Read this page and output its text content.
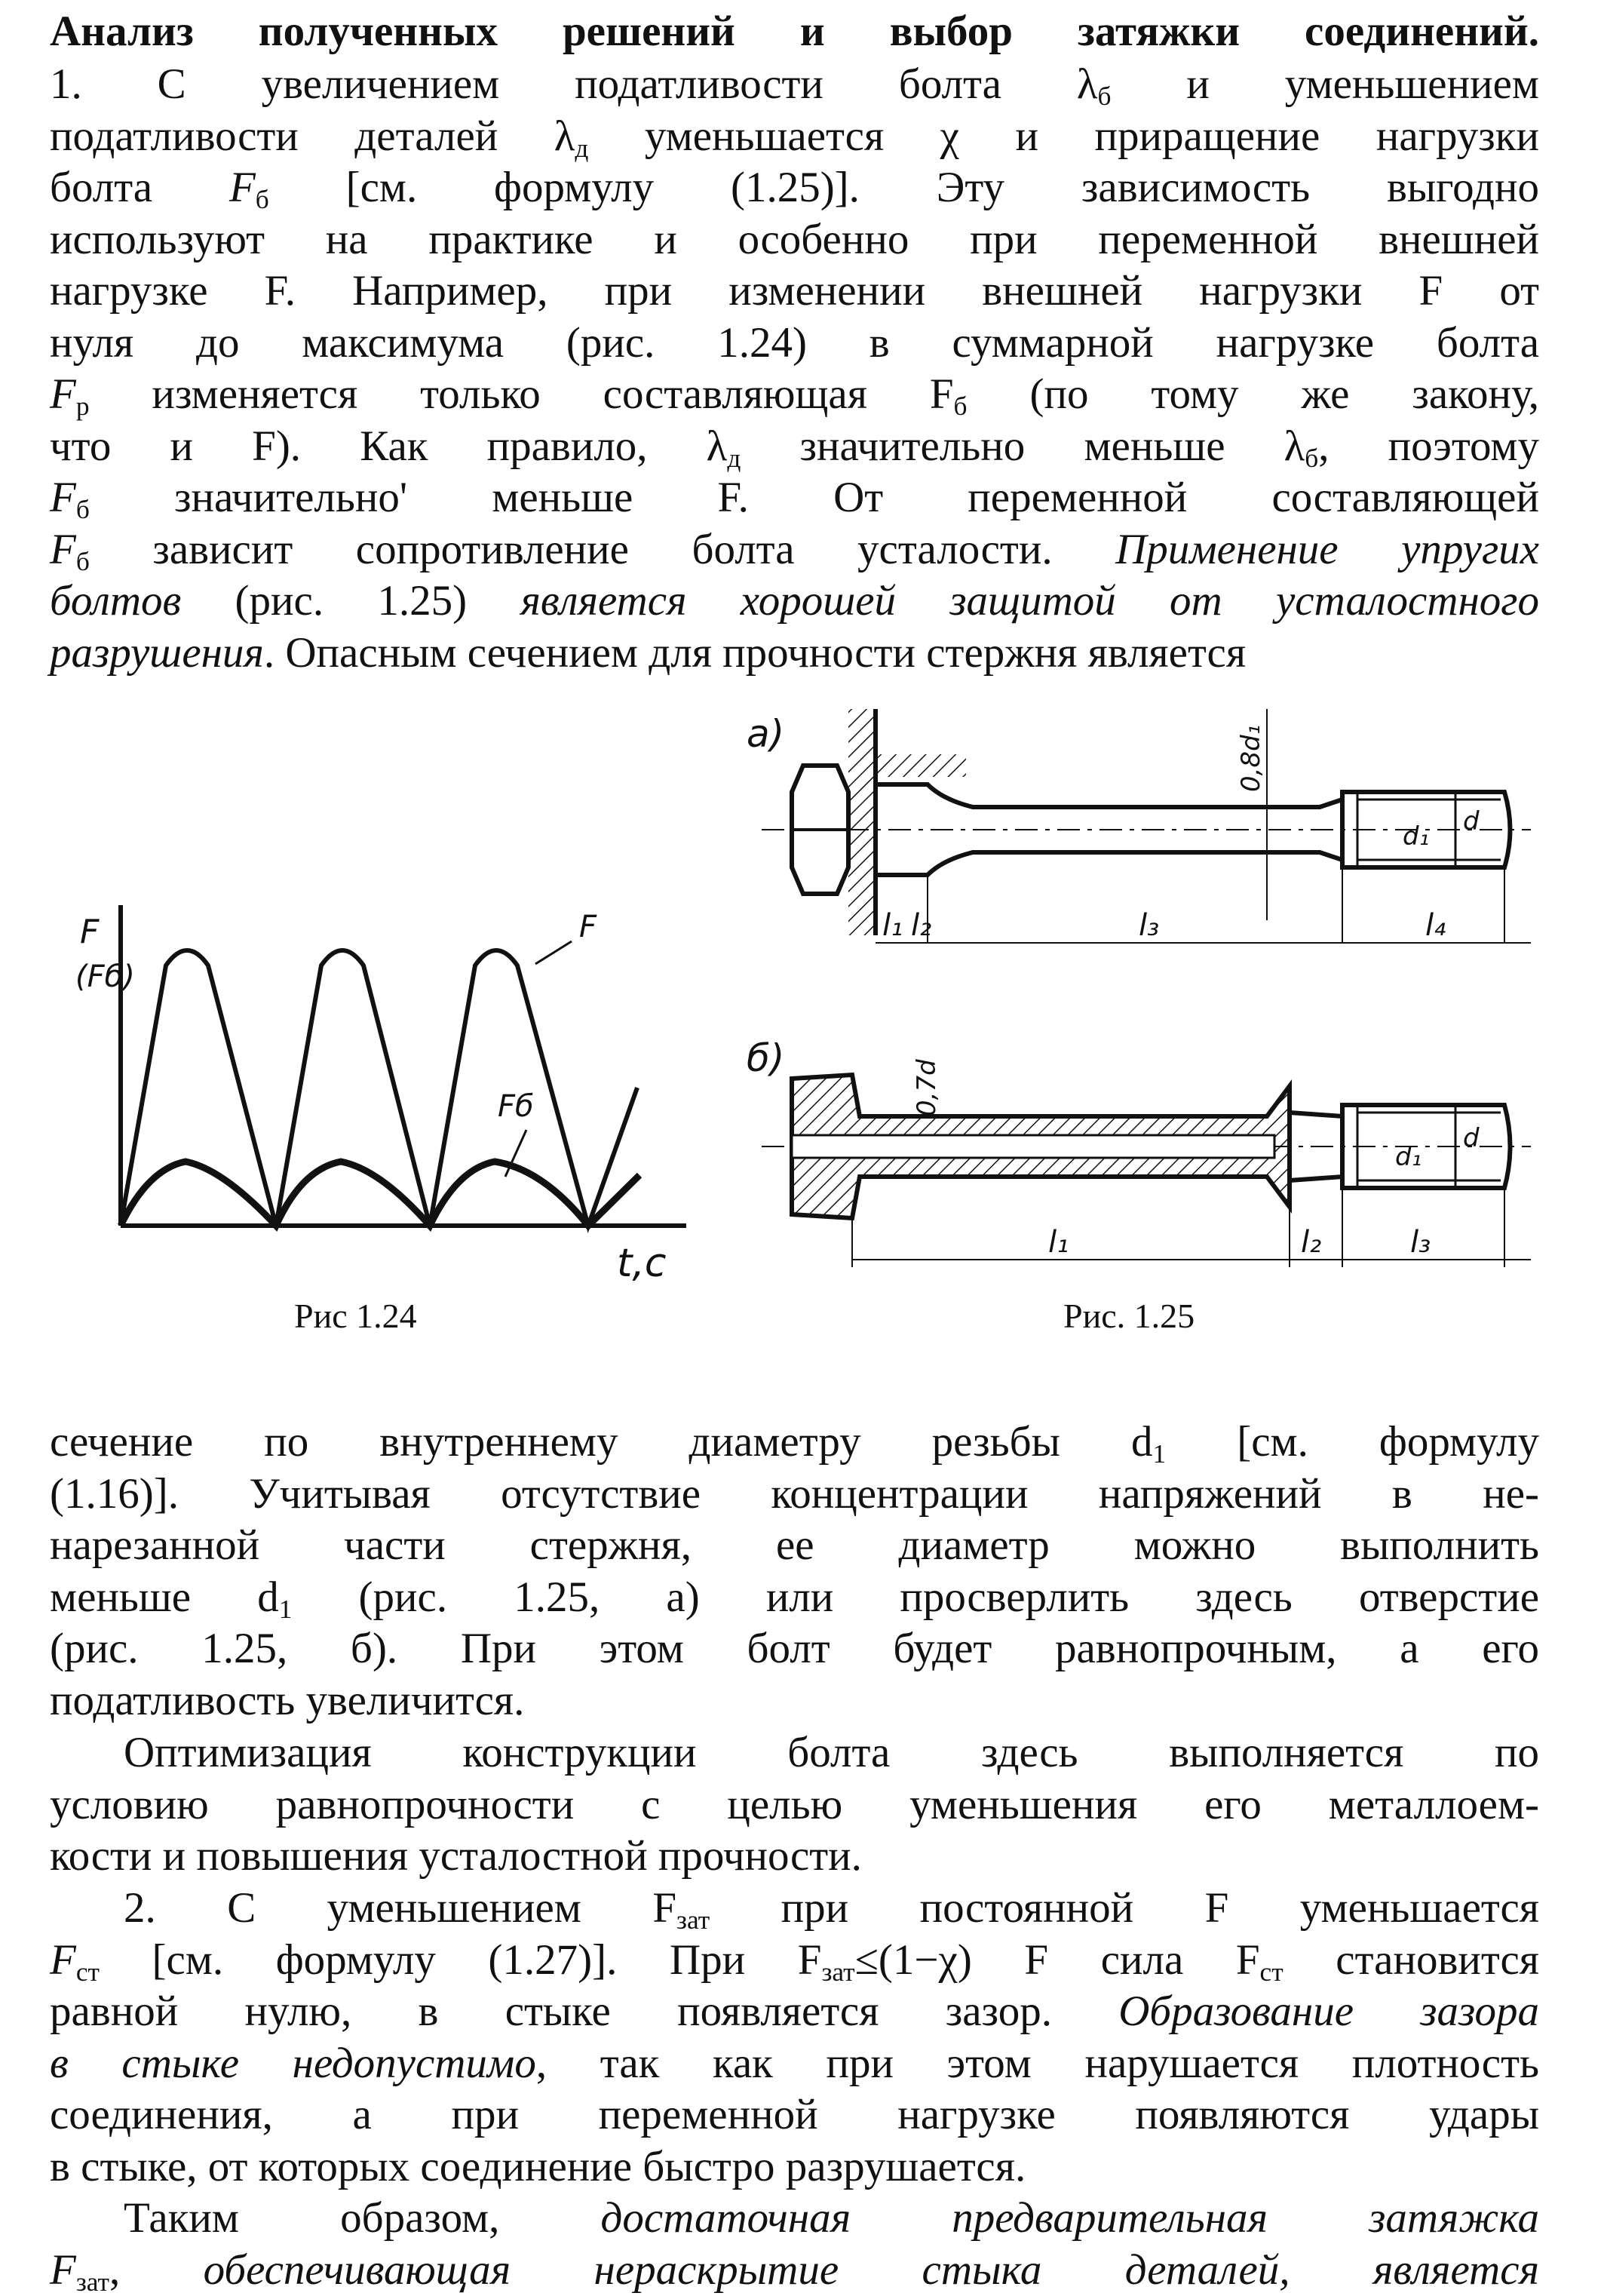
Анализ полученных решений и выбор затяжки соединений.
1. С увеличением податливости болта $\lambda_б$ и уменьшением
податливости деталей $\lambda_д$ уменьшается χ и приращение нагрузки
болта $F_б$ [см. формулу (1.25)]. Эту зависимость выгодно
используют на практике и особенно при переменной внешней
нагрузке F. Например, при изменении внешней нагрузки F от
нуля до максимума (рис. 1.24) в суммарной нагрузке болта
$F_р$ изменяется только составляющая $F_б$ (по тому же закону,
что и F). Как правило, $\lambda_д$ значительно меньше $\lambda_б$, поэтому
$F_б$ значительно' меньше F. От переменной составляющей
$F_б$ зависит сопротивление болта усталости. Применение упругих
болтов (рис. 1.25) является хорошей защитой от усталостного
разрушения. Опасным сечением для прочности стержня является
F
(Fб)
F
Fб
t,c
Рис 1.24
а)
б)
0,8d₁
d₁ d
l₁ l₂	l₃	l₄
0,7d
d₁
d
l₁	l₂	l₃
Рис. 1.25
сечение по внутреннему диаметру резьбы $d_1$ [см. формулу
(1.16)]. Учитывая отсутствие концентрации напряжений в не-
нарезанной части стержня, ее диаметр можно выполнить
меньше $d_1$ (рис. 1.25, а) или просверлить здесь отверстие
(рис. 1.25, б). При этом болт будет равнопрочным, а его
податливость увеличится.
Оптимизация конструкции болта здесь выполняется по
условию равнопрочности с целью уменьшения его металлоем-
кости и повышения усталостной прочности.
2. С уменьшением $F_{зат}$ при постоянной F уменьшается
$F_{ст}$ [см. формулу (1.27)]. При $F_{зат}\le(1-\chi)$ F сила $F_{ст}$ становится
равной нулю, в стыке появляется зазор. Образование зазора
в стыке недопустимо, так как при этом нарушается плотность
соединения, а при переменной нагрузке появляются удары
в стыке, от которых соединение быстро разрушается.
Таким образом, достаточная предварительная затяжка
$F_{зат}$, обеспечивающая нераскрытие стыка деталей, является
